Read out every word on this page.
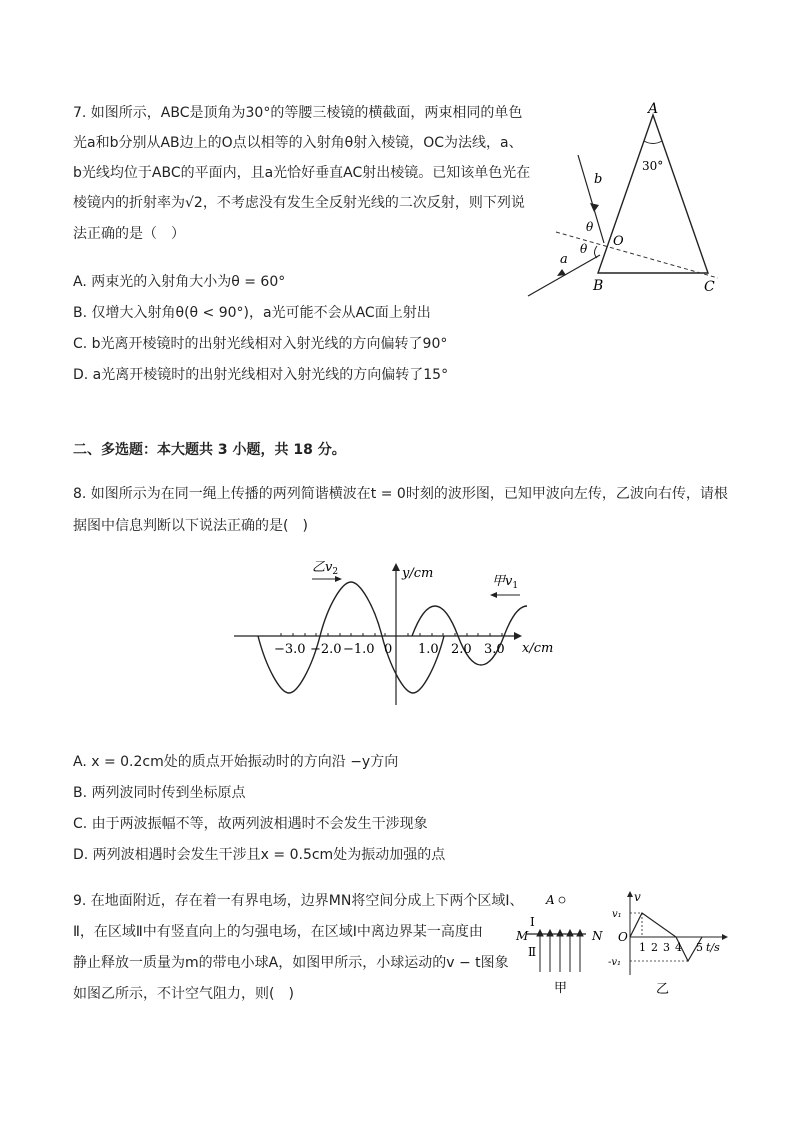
7. 如图所示，ABC是顶角为30°的等腰三棱镜的横截面，两束相同的单色
光a和b分别从AB边上的O点以相等的入射角θ射入棱镜，OC为法线，a、
b光线均位于ABC的平面内，且a光恰好垂直AC射出棱镜。已知该单色光在
棱镜内的折射率为√2，不考虑没有发生全反射光线的二次反射，则下列说
法正确的是（　）
A. 两束光的入射角大小为θ = 60°
B. 仅增大入射角θ(θ < 90°)，a光可能不会从AC面上射出
C. b光离开棱镜时的出射光线相对入射光线的方向偏转了90°
D. a光离开棱镜时的出射光线相对入射光线的方向偏转了15°
A
30°
b
θ
O
θ
a
B	C
二、多选题：本大题共 3 小题，共 18 分。
8. 如图所示为在同一绳上传播的两列简谐横波在t = 0时刻的波形图，已知甲波向左传，乙波向右传，请根
据图中信息判断以下说法正确的是(　)
y/cm
x/cm
0
−3.0 −2.0 −1.0	1.0 2.0 3.0
乙$v_2$
甲$v_1$
A. x = 0.2cm处的质点开始振动时的方向沿 −y方向
B. 两列波同时传到坐标原点
C. 由于两波振幅不等，故两列波相遇时不会发生干涉现象
D. 两列波相遇时会发生干涉且x = 0.5cm处为振动加强的点
9. 在地面附近，存在着一有界电场，边界MN将空间分成上下两个区域Ⅰ、
Ⅱ，在区域Ⅱ中有竖直向上的匀强电场，在区域Ⅰ中离边界某一高度由
静止释放一质量为m的带电小球A，如图甲所示，小球运动的v − t图象
如图乙所示，不计空气阻力，则(　)
A
I
M	N
Ⅱ
甲
v
v₁
O
-v₁
1 2 3 4 5 t/s
乙
